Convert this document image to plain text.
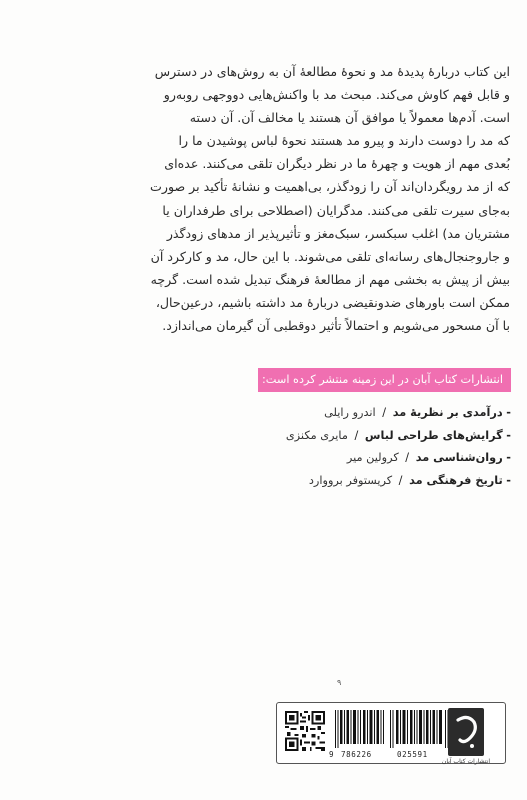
این کتاب دربارهٔ پدیدهٔ مد و نحوهٔ مطالعهٔ آن به روش‌های در دسترس
و قابل فهم کاوش می‌کند. مبحث مد با واکنش‌هایی دووجهی روبه‌رو
است. آدم‌ها معمولاً یا موافق آن هستند یا مخالف آن. آن دسته
که مد را دوست دارند و پیرو مد هستند نحوهٔ لباس پوشیدن ما را
بُعدی مهم از هویت و چهرهٔ ما در نظر دیگران تلقی می‌کنند. عده‌ای
که از مد رویگردان‌اند آن را زودگذر، بی‌اهمیت و نشانهٔ تأکید بر صورت
به‌جای سیرت تلقی می‌کنند. مدگرایان (اصطلاحی برای طرفداران یا
مشتریان مد) اغلب سبکسر، سبک‌مغز و تأثیرپذیر از مدهای زودگذر
و جاروجنجال‌های رسانه‌ای تلقی می‌شوند. با این حال، مد و کارکرد آن
بیش از پیش به بخشی مهم از مطالعهٔ فرهنگ تبدیل شده است. گرچه
ممکن است باورهای ضدونقیضی دربارهٔ مد داشته باشیم، درعین‌حال،
با آن مسحور می‌شویم و احتمالاً تأثیر دوقطبی آن گیرمان می‌اندازد.
انتشارات کتاب آبان در این زمینه منتشر کرده است:
- درآمدی بر نظریهٔ مد / اندرو رایلی
- گرایش‌های طراحی لباس / مایری مکنزی
- روان‌شناسی مد / کرولین میر
- تاریخ فرهنگی مد / کریستوفر برووارد
۹
9 786226	025591
انتشارات کتاب آبان
